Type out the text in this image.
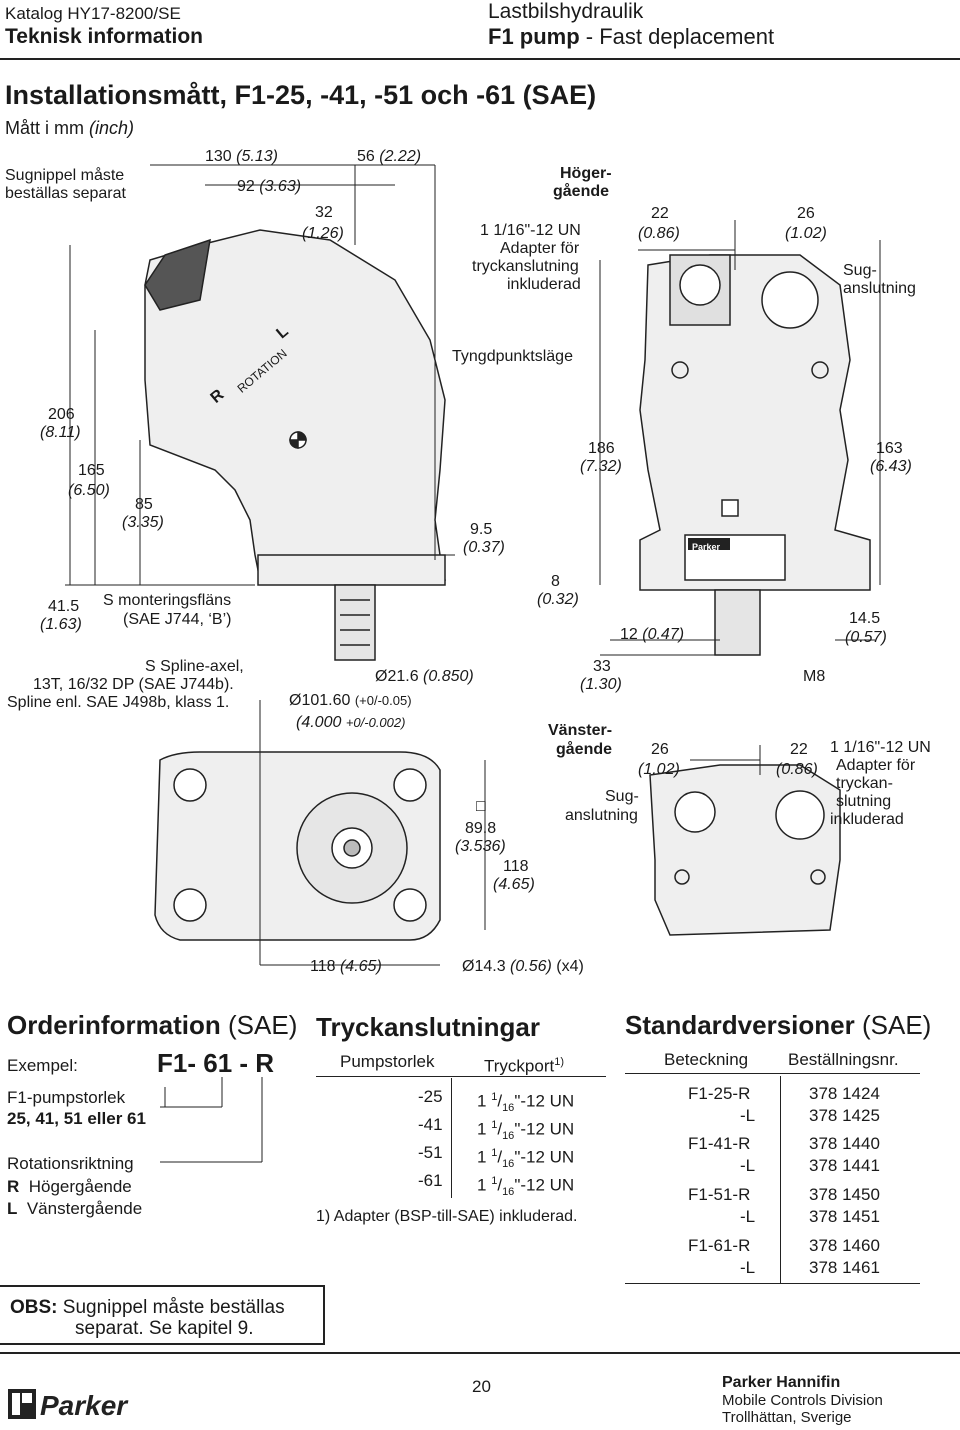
Katalog HY17-8200/SE
Teknisk information
Lastbilshydraulik
F1 pump - Fast deplacement
Installationsmått, F1-25, -41, -51 och -61 (SAE)
Mått i mm (inch)
Sugnippel måste
beställas separat
130 (5.13)
92 (3.63)
32
(1.26)
56 (2.22)
Höger-
gående
1 1/16"-12 UN
Adapter för
tryckanslutning
inkluderad
22
(0.86)
26
(1.02)
Sug-
anslutning
R
ROTATION
L
Tyngdpunktsläge
206
(8.11)
165
(6.50)
85
(3.35)
186
(7.32)
163
(6.43)
9.5
(0.37)
8
(0.32)
41.5
(1.63)
S monteringsfläns
(SAE J744, ‘B’)
12 (0.47)
14.5
(0.57)
S Spline-axel,
13T, 16/32 DP (SAE J744b).
Spline enl. SAE J498b, klass 1.
Ø21.6 (0.850)
Ø101.60 (+0/-0.05)
(4.000 +0/-0.002)
33
(1.30)	M8
Vänster-
gående 26
(1.02)
22
(0.86)
1 1/16"-12 UN
Adapter för
tryckan-
slutning
inkluderad
Sug-
anslutning
□
89.8
(3.536)
118
(4.65)
118 (4.65)	Ø14.3 (0.56) (x4)
Parker
Orderinformation (SAE)
Exempel:	F1- 61 - R
F1-pumpstorlek
25, 41, 51 eller 61
Rotationsriktning
R Högergående
L Vänstergående
Tryckanslutningar
Pumpstorlek	Tryckport$^{1)}$
-25 1 $^1/_{16}"-12$ UN
-41 1 $^1/_{16}"-12$ UN
-51 1 $^1/_{16}"-12$ UN
-61 1 $^1/_{16}"-12$ UN
1) Adapter (BSP-till-SAE) inkluderad.
Standardversioner (SAE)
Beteckning Beställningsnr.
F1-25-R	378 1424
-L	378 1425
F1-41-R	378 1440
-L	378 1441
F1-51-R	378 1450
-L	378 1451
F1-61-R	378 1460
-L	378 1461
OBS: Sugnippel måste beställas
separat. Se kapitel 9.
Parker
20	Parker Hannifin
Mobile Controls Division
Trollhättan, Sverige
